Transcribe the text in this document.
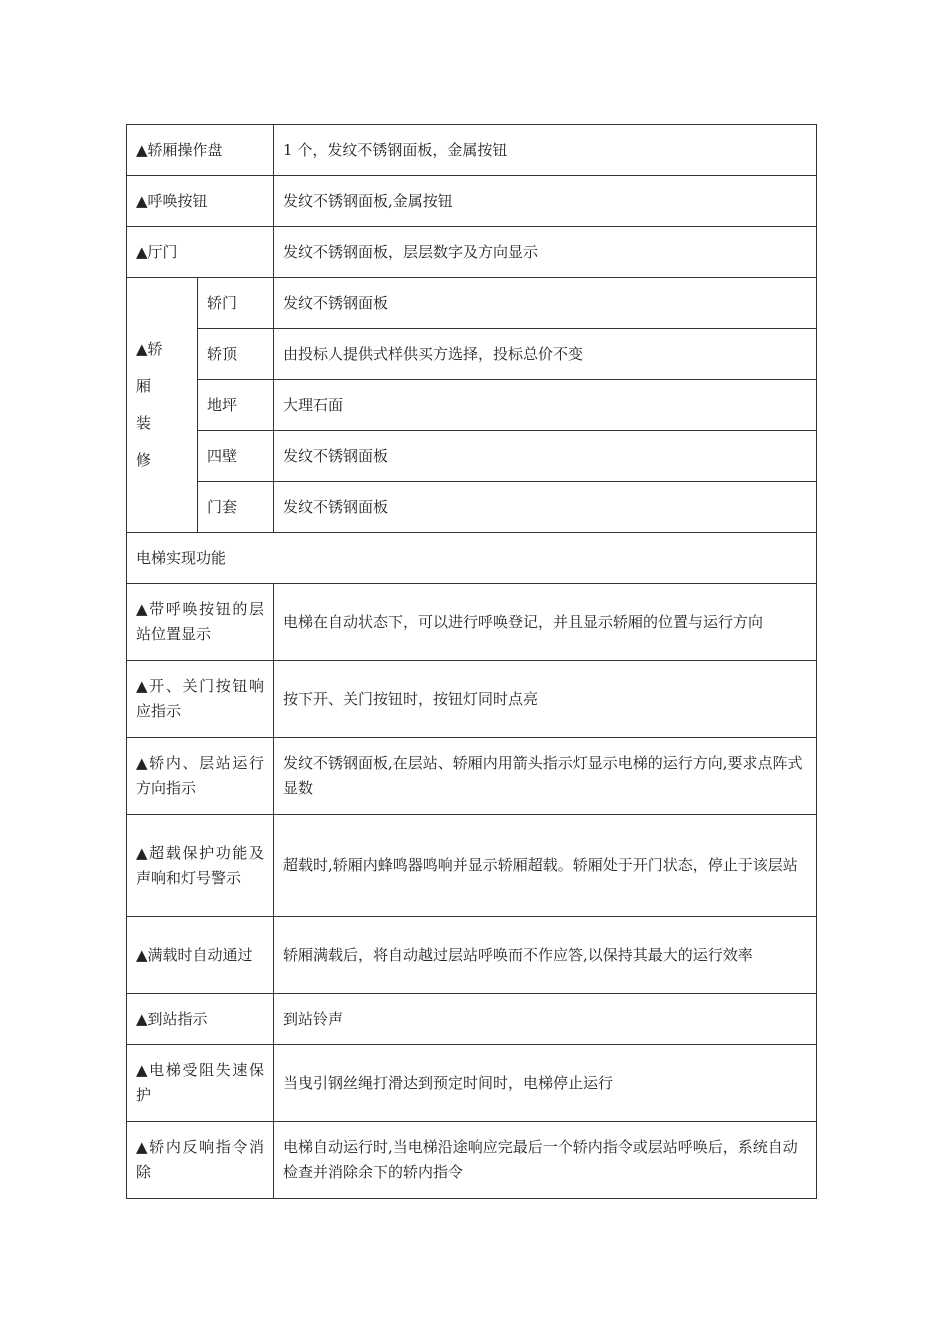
▲轿厢操作盘		1 个，发纹不锈钢面板，金属按钮
▲呼唤按钮		发纹不锈钢面板,金属按钮
▲厅门		发纹不锈钢面板，层层数字及方向显示

▲轿
厢
装
修	轿门	发纹不锈钢面板
	轿顶	由投标人提供式样供买方选择，投标总价不变
	地坪	大理石面
	四壁	发纹不锈钢面板
	门套	发纹不锈钢面板
电梯实现功能		
▲带呼唤按钮的层站位置显示		电梯在自动状态下，可以进行呼唤登记，并且显示轿厢的位置与运行方向
▲开、关门按钮响应指示		按下开、关门按钮时，按钮灯同时点亮
▲轿内、层站运行方向指示		发纹不锈钢面板,在层站、轿厢内用箭头指示灯显示电梯的运行方向,要求点阵式显数
▲超载保护功能及声响和灯号警示		超载时,轿厢内蜂鸣器鸣响并显示轿厢超载。轿厢处于开门状态，停止于该层站
▲满载时自动通过		轿厢满载后，将自动越过层站呼唤而不作应答,以保持其最大的运行效率
▲到站指示		到站铃声
▲电梯受阻失速保护		当曳引钢丝绳打滑达到预定时间时，电梯停止运行
▲轿内反响指令消除		电梯自动运行时,当电梯沿途响应完最后一个轿内指令或层站呼唤后，系统自动检查并消除余下的轿内指令
